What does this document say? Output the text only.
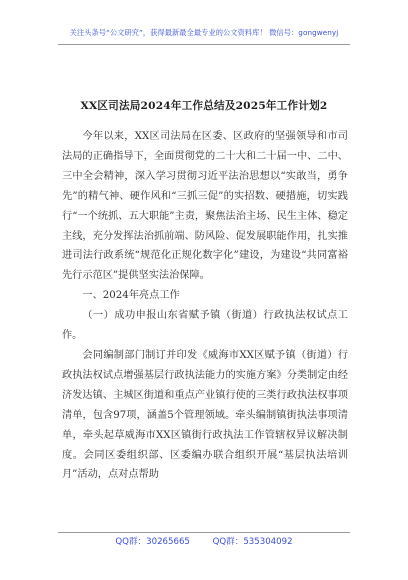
关注头条号“公文研究”，获得最新最全最专业的公文资料库！ 微信号：gongwenyj
XX区司法局2024年工作总结及2025年工作计划2

今年以来，XX区司法局在区委、区政府的坚强领导和市司法局的正确指导下，全面贯彻党的二十大和二十届一中、二中、三中全会精神，深入学习贯彻习近平法治思想以“实敢当，勇争先”的精气神、硬作风和“三抓三促”的实招数、硬措施，切实践行“一个统抓、五大职能”主责，聚焦法治主场、民生主体、稳定主线，充分发挥法治抓前端、防风险、促发展职能作用，扎实推进司法行政系统“规范化正规化数字化”建设，为建设“共同富裕先行示范区”提供坚实法治保障。

一、2024年亮点工作

（一）成功申报山东省赋予镇（街道）行政执法权试点工作。

会同编制部门制订并印发《威海市XX区赋予镇（街道）行政执法权试点增强基层行政执法能力的实施方案》分类制定由经济发达镇、主城区街道和重点产业镇行使的三类行政执法权事项清单，包含97项，涵盖5个管理领域。牵头编制镇街执法事项清单，牵头起草威海市XX区镇街行政执法工作管辖权异议解决制度。会同区委组织部、区委编办联合组织开展“基层执法培训月”活动，点对点帮助

QQ群：30265665	QQ群：535304092
